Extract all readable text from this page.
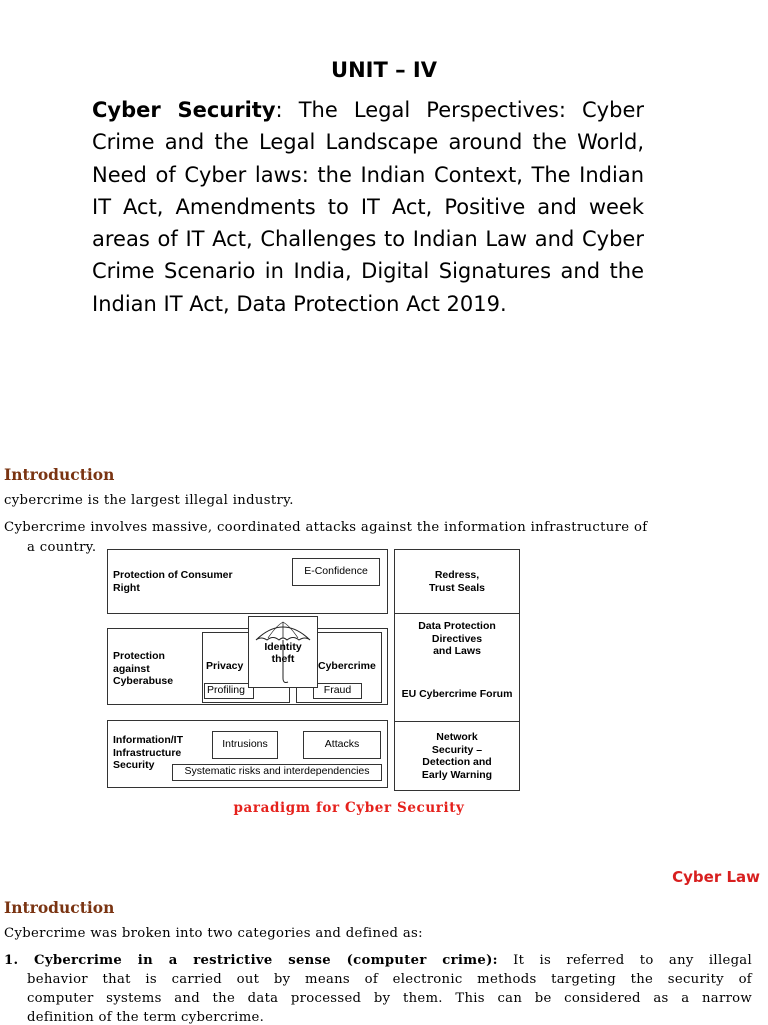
UNIT – IV
Cyber Security: The Legal Perspectives: Cyber Crime and the Legal Landscape around the World, Need of Cyber laws: the Indian Context, The Indian IT Act, Amendments to IT Act, Positive and week areas of IT Act, Challenges to Indian Law and Cyber Crime Scenario in India, Digital Signatures and the Indian IT Act, Data Protection Act 2019.
Introduction
cybercrime is the largest illegal industry.
Cybercrime involves massive, coordinated attacks against the information infrastructure of
a country.
Protection of Consumer
Right
E-Confidence
Protection
against
Cyberabuse
Privacy
Profiling
Cybercrime
Fraud
Identity
theft
Information/IT
Infrastructure
Security
Intrusions	Attacks
Systematic risks and interdependencies
Redress,
Trust Seals
Data Protection
Directives
and Laws
EU Cybercrime Forum
Network
Security –
Detection and
Early Warning
paradigm for Cyber Security
Cyber Law
Introduction
Cybercrime was broken into two categories and defined as:
1. Cybercrime in a restrictive sense (computer crime): It is referred to any illegal
behavior that is carried out by means of electronic methods targeting the security of
computer systems and the data processed by them. This can be considered as a narrow
definition of the term cybercrime.
